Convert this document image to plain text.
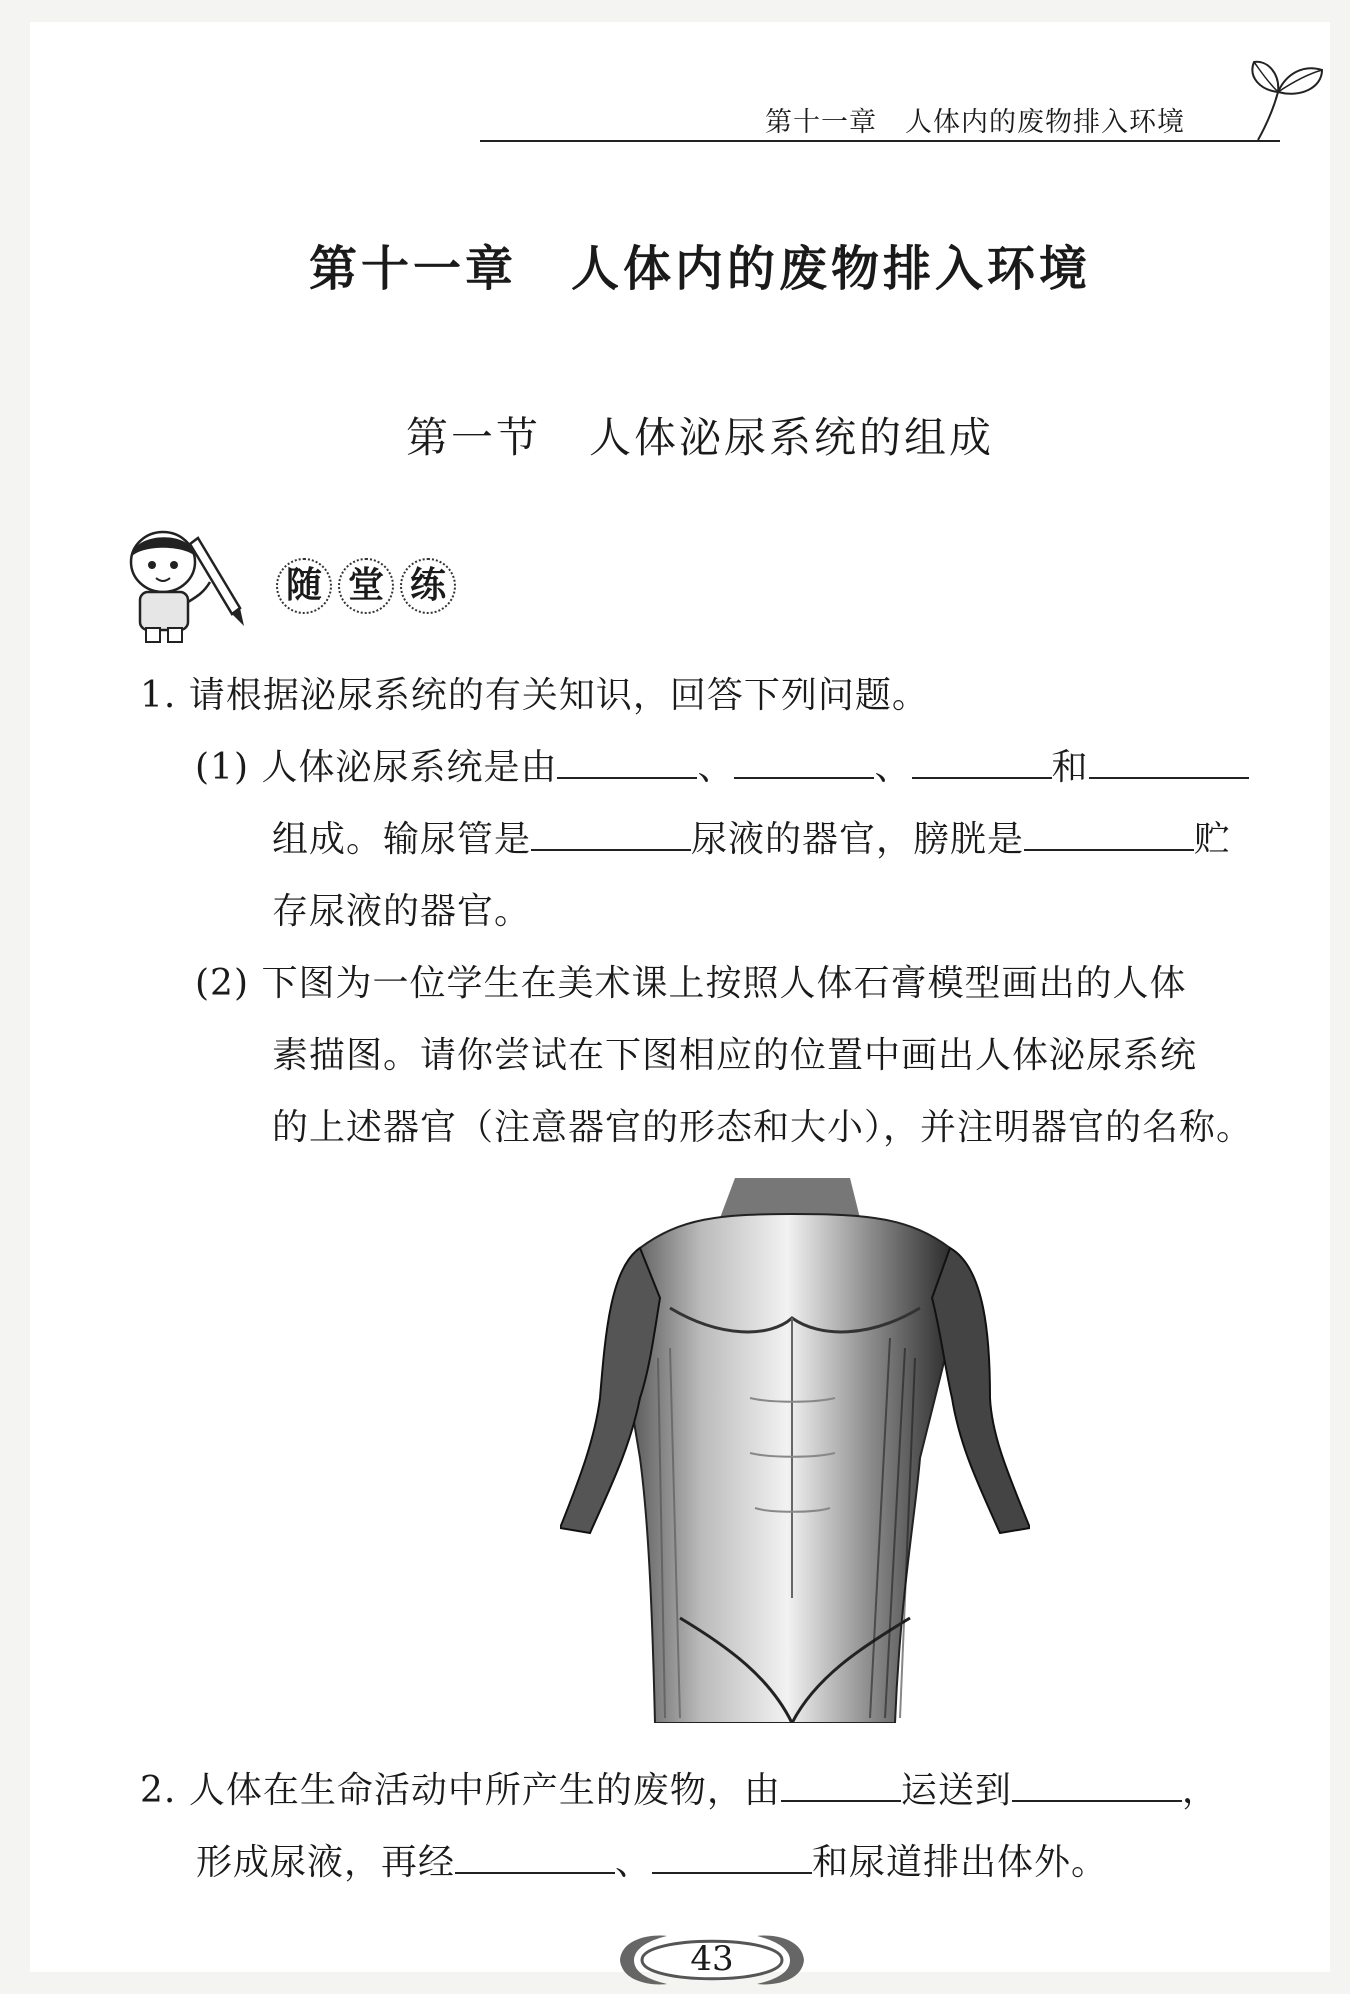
第十一章　人体内的废物排入环境
第十一章 人体内的废物排入环境
第一节 人体泌尿系统的组成
随 堂 练
1. 请根据泌尿系统的有关知识，回答下列问题。
(1) 人体泌尿系统是由	、	、	和
组成。输尿管是	尿液的器官，膀胱是	贮
存尿液的器官。
(2) 下图为一位学生在美术课上按照人体石膏模型画出的人体
素描图。请你尝试在下图相应的位置中画出人体泌尿系统
的上述器官（注意器官的形态和大小），并注明器官的名称。
2. 人体在生命活动中所产生的废物，由	运送到	，
形成尿液，再经	、	和尿道排出体外。
43
